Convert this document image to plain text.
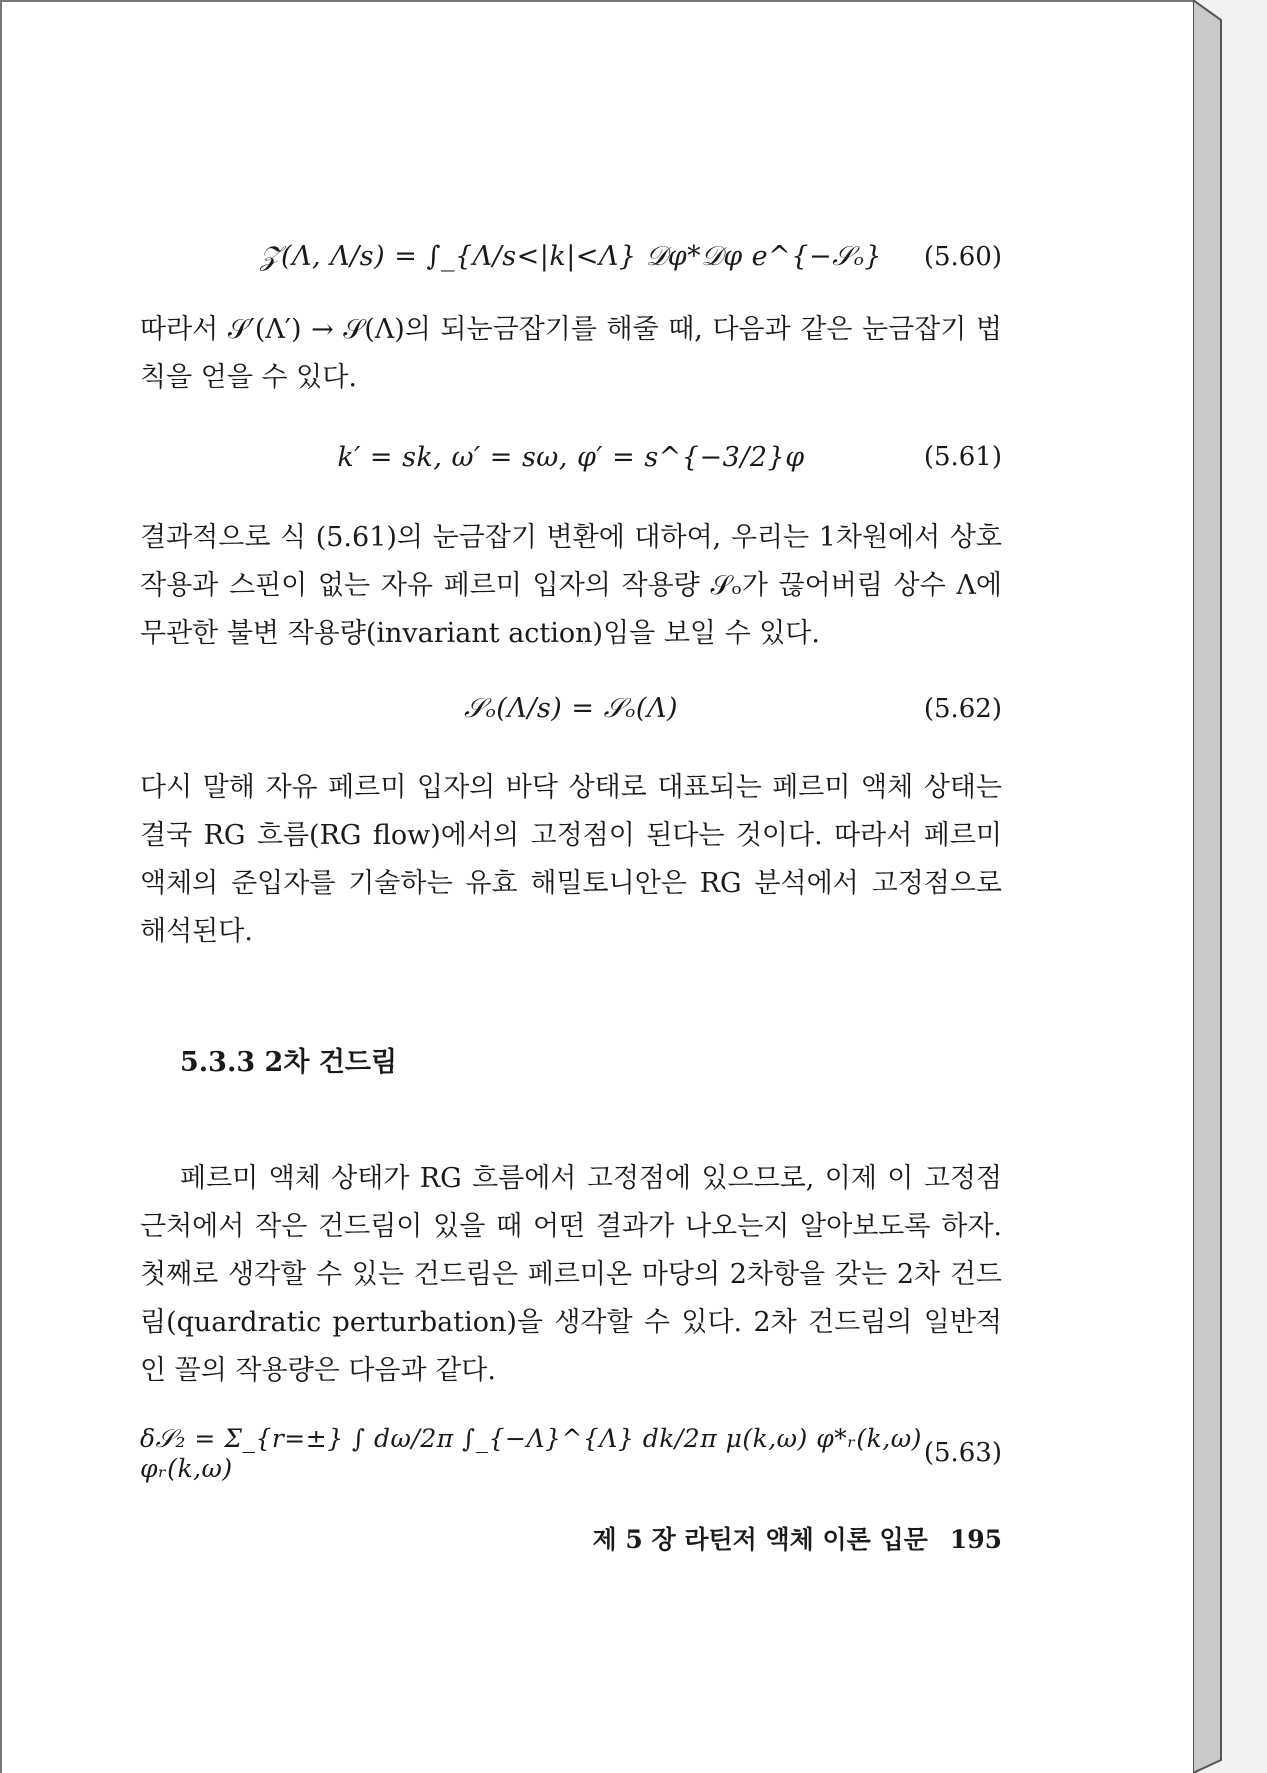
𝒵(Λ, Λ/s) = ∫_{Λ/s<|k|<Λ} 𝒟φ*𝒟φ e^{−𝒮ₒ} (5.60)

따라서 𝒮′(Λ′) → 𝒮(Λ)의 되눈금잡기를 해줄 때, 다음과 같은 눈금잡기 법칙을 얻을 수 있다.

k′ = sk, ω′ = sω, φ′ = s^{−3/2}φ	(5.61)

결과적으로 식 (5.61)의 눈금잡기 변환에 대하여, 우리는 1차원에서 상호작용과 스핀이 없는 자유 페르미 입자의 작용량 𝒮ₒ가 끊어버림 상수 Λ에 무관한 불변 작용량(invariant action)임을 보일 수 있다.

𝒮ₒ(Λ/s) = 𝒮ₒ(Λ)	(5.62)

다시 말해 자유 페르미 입자의 바닥 상태로 대표되는 페르미 액체 상태는 결국 RG 흐름(RG flow)에서의 고정점이 된다는 것이다. 따라서 페르미 액체의 준입자를 기술하는 유효 해밀토니안은 RG 분석에서 고정점으로 해석된다.

5.3.3 2차 건드림

페르미 액체 상태가 RG 흐름에서 고정점에 있으므로, 이제 이 고정점 근처에서 작은 건드림이 있을 때 어떤 결과가 나오는지 알아보도록 하자. 첫째로 생각할 수 있는 건드림은 페르미온 마당의 2차항을 갖는 2차 건드림(quardratic perturbation)을 생각할 수 있다. 2차 건드림의 일반적인 꼴의 작용량은 다음과 같다.

δ𝒮₂ = Σ_{r=±} ∫ dω/2π ∫_{−Λ}^{Λ} dk/2π μ(k,ω) φ*ᵣ(k,ω) φᵣ(k,ω)	(5.63)
제 5 장 라틴저 액체 이론 입문 195
